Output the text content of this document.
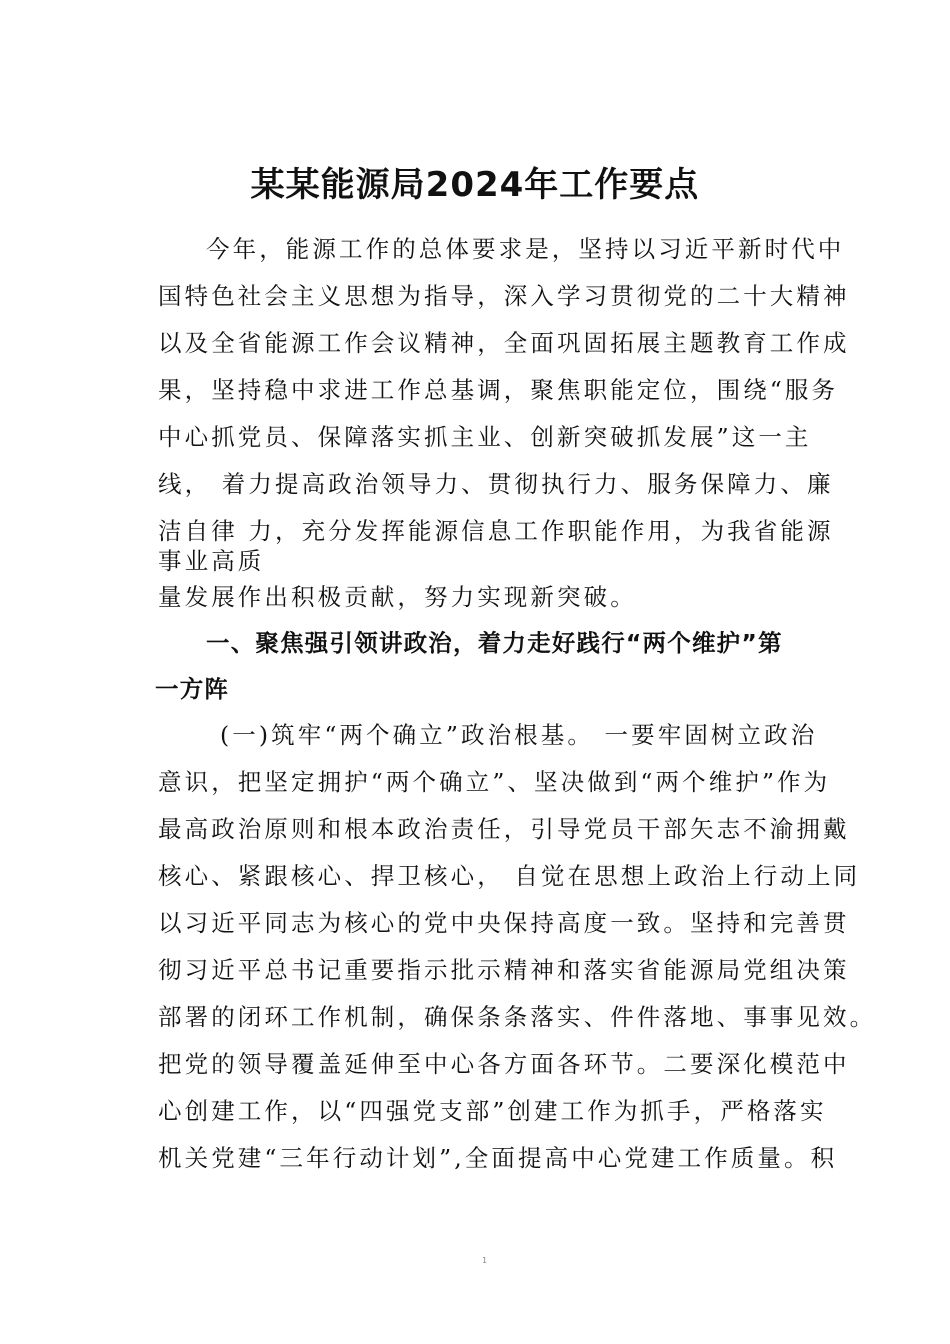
某某能源局2024年工作要点
今年，能源工作的总体要求是，坚持以习近平新时代中
国特色社会主义思想为指导，深入学习贯彻党的二十大精神
以及全省能源工作会议精神，全面巩固拓展主题教育工作成
果，坚持稳中求进工作总基调，聚焦职能定位，围绕“服务
中心抓党员、保障落实抓主业、创新突破抓发展”这一主
线， 着力提高政治领导力、贯彻执行力、服务保障力、廉
洁自律 力，充分发挥能源信息工作职能作用，为我省能源
事业高质
量发展作出积极贡献，努力实现新突破。
一、聚焦强引领讲政治，着力走好践行“两个维护”第
一方阵
(一)筑牢“两个确立”政治根基。 一要牢固树立政治
意识，把坚定拥护“两个确立”、坚决做到“两个维护”作为
最高政治原则和根本政治责任，引导党员干部矢志不渝拥戴
核心、紧跟核心、捍卫核心， 自觉在思想上政治上行动上同
以习近平同志为核心的党中央保持高度一致。坚持和完善贯
彻习近平总书记重要指示批示精神和落实省能源局党组决策
部署的闭环工作机制，确保条条落实、件件落地、事事见效。
把党的领导覆盖延伸至中心各方面各环节。二要深化模范中
心创建工作，以“四强党支部”创建工作为抓手，严格落实
机关党建“三年行动计划”,全面提高中心党建工作质量。积
1
